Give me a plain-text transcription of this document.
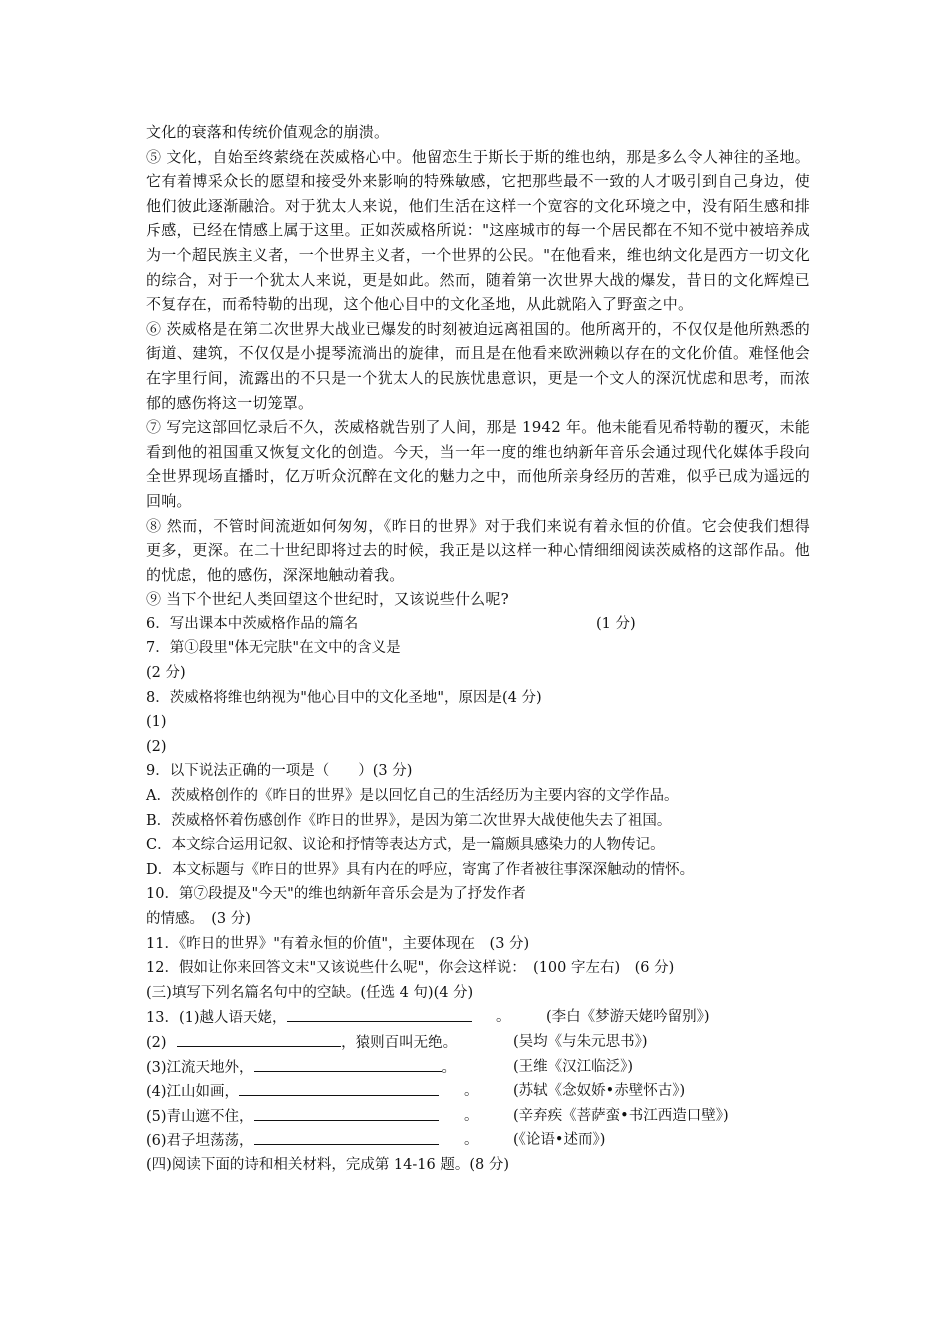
文化的衰落和传统价值观念的崩溃。

⑤ 文化，自始至终萦绕在茨威格心中。他留恋生于斯长于斯的维也纳，那是多么令人神往的圣地。它有着博采众长的愿望和接受外来影响的特殊敏感，它把那些最不一致的人才吸引到自己身边，使他们彼此逐渐融洽。对于犹太人来说，他们生活在这样一个宽容的文化环境之中，没有陌生感和排斥感，已经在情感上属于这里。正如茨威格所说："这座城市的每一个居民都在不知不觉中被培养成为一个超民族主义者，一个世界主义者，一个世界的公民。"在他看来，维也纳文化是西方一切文化的综合，对于一个犹太人来说，更是如此。然而，随着第一次世界大战的爆发，昔日的文化辉煌已不复存在，而希特勒的出现，这个他心目中的文化圣地，从此就陷入了野蛮之中。

⑥ 茨威格是在第二次世界大战业已爆发的时刻被迫远离祖国的。他所离开的，不仅仅是他所熟悉的街道、建筑，不仅仅是小提琴流淌出的旋律，而且是在他看来欧洲赖以存在的文化价值。难怪他会在字里行间，流露出的不只是一个犹太人的民族忧患意识，更是一个文人的深沉忧虑和思考，而浓郁的感伤将这一切笼罩。

⑦ 写完这部回忆录后不久，茨威格就告别了人间，那是 1942 年。他未能看见希特勒的覆灭，未能看到他的祖国重又恢复文化的创造。今天，当一年一度的维也纳新年音乐会通过现代化媒体手段向全世界现场直播时，亿万听众沉醉在文化的魅力之中，而他所亲身经历的苦难，似乎已成为遥远的回响。

⑧ 然而，不管时间流逝如何匆匆，《昨日的世界》对于我们来说有着永恒的价值。它会使我们想得更多，更深。在二十世纪即将过去的时候，我正是以这样一种心情细细阅读茨威格的这部作品。他的忧虑，他的感伤，深深地触动着我。

⑨ 当下个世纪人类回望这个世纪时，又该说些什么呢?

6．写出课本中茨威格作品的篇名	(1 分)
7．第①段里"体无完肤"在文中的含义是
(2 分)
8．茨威格将维也纳视为"他心目中的文化圣地"，原因是(4 分)
(1)
(2)
9．以下说法正确的一项是（　　）(3 分)
A．茨威格创作的《昨日的世界》是以回忆自己的生活经历为主要内容的文学作品。
B．茨威格怀着伤感创作《昨日的世界》，是因为第二次世界大战使他失去了祖国。
C．本文综合运用记叙、议论和抒情等表达方式，是一篇颇具感染力的人物传记。
D．本文标题与《昨日的世界》具有内在的呼应，寄寓了作者被往事深深触动的情怀。
10．第⑦段提及"今天"的维也纳新年音乐会是为了抒发作者
的情感。　(3 分)
11．《昨日的世界》"有着永恒的价值"，主要体现在　(3 分)
12．假如让你来回答文末"又该说些什么呢"，你会这样说：　(100 字左右)　(6 分)
(三)填写下列名篇名句中的空缺。(任选 4 句)(4 分)
13．(1)越人语天姥，	。 (李白《梦游天姥吟留别》)
(2)	，猿则百叫无绝。	(吴均《与朱元思书》)
(3)江流天地外，	。	(王维《汉江临泛》)
(4)江山如画，	。 (苏轼《念奴娇•赤壁怀古》)
(5)青山遮不住，	。 (辛弃疾《菩萨蛮•书江西造口壁》)
(6)君子坦荡荡，	。 (《论语•述而》)
(四)阅读下面的诗和相关材料，完成第 14-16 题。(8 分)
